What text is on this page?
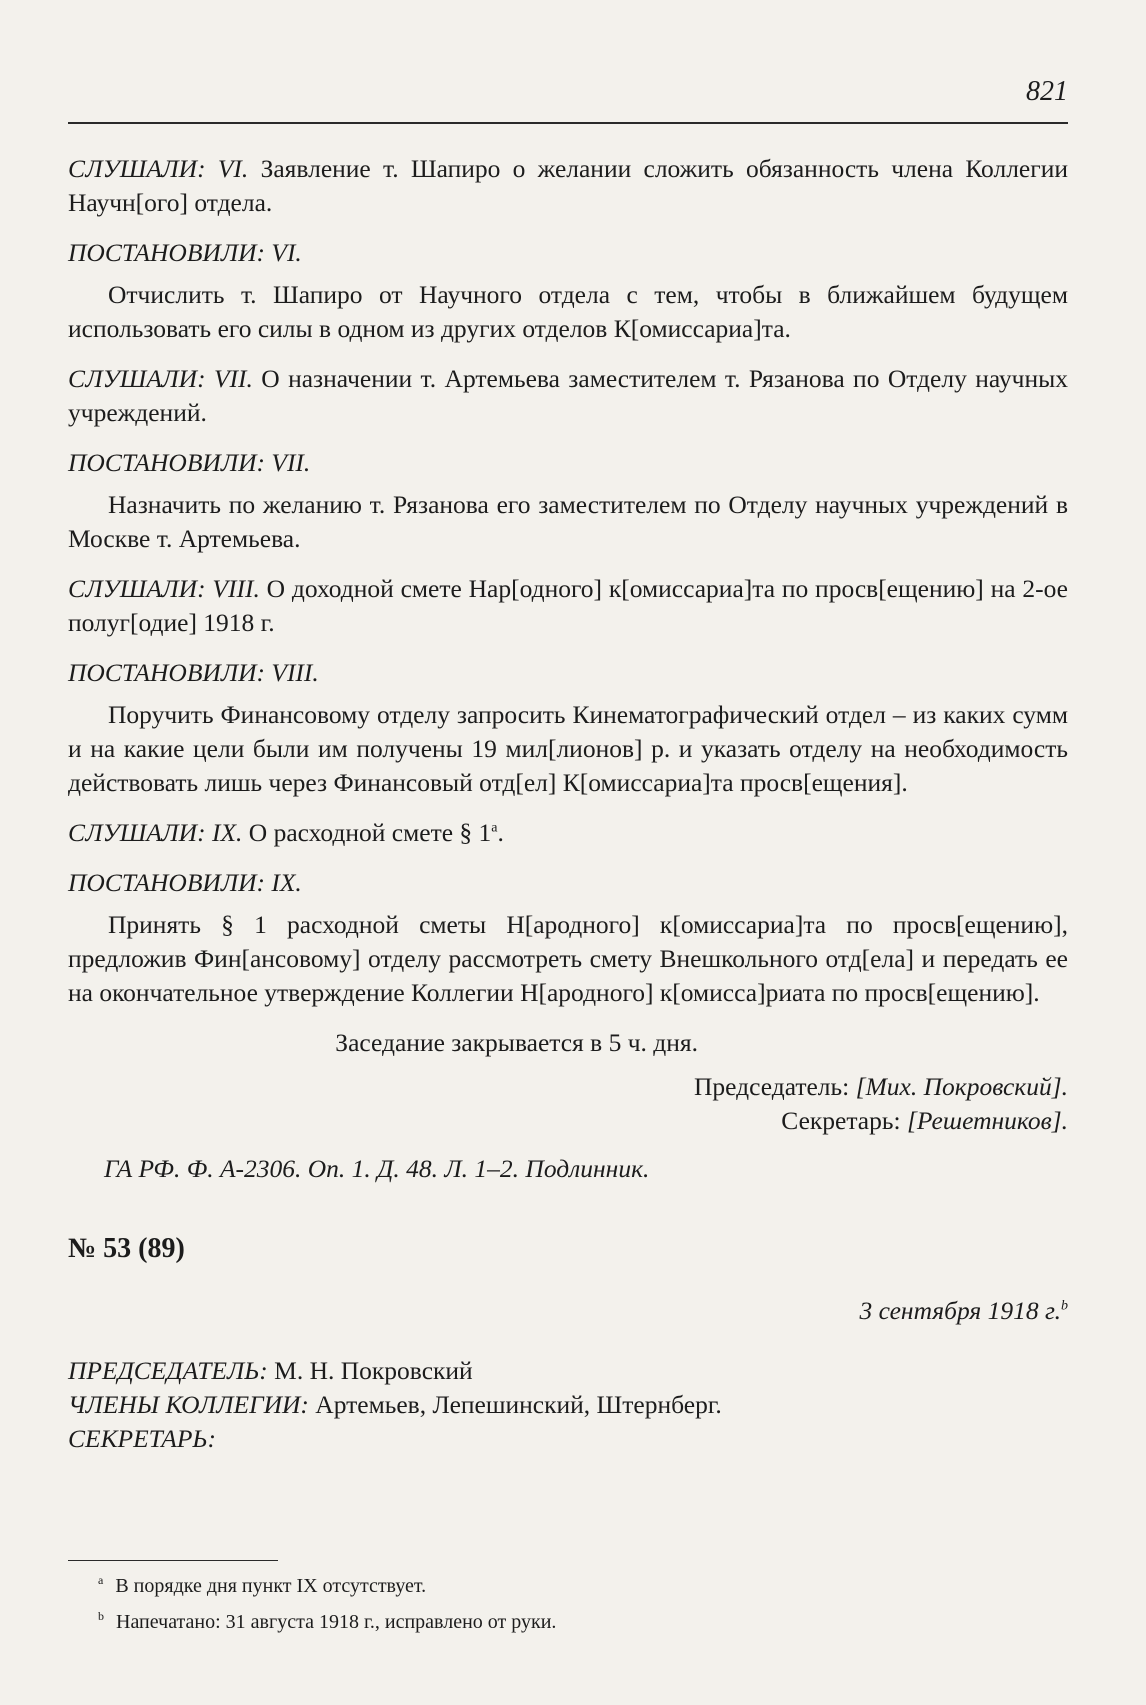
821

СЛУШАЛИ: VI. Заявление т. Шапиро о желании сложить обязанность члена Коллегии Научн[ого] отдела.

ПОСТАНОВИЛИ: VI.

Отчислить т. Шапиро от Научного отдела с тем, чтобы в ближайшем будущем использовать его силы в одном из других отделов К[омиссариа]та.

СЛУШАЛИ: VII. О назначении т. Артемьева заместителем т. Рязанова по Отделу научных учреждений.

ПОСТАНОВИЛИ: VII.

Назначить по желанию т. Рязанова его заместителем по Отделу научных учреждений в Москве т. Артемьева.

СЛУШАЛИ: VIII. О доходной смете Нар[одного] к[омиссариа]та по просв[ещению] на 2-ое полуг[одие] 1918 г.

ПОСТАНОВИЛИ: VIII.

Поручить Финансовому отделу запросить Кинематографический отдел – из каких сумм и на какие цели были им получены 19 мил[лионов] р. и указать отделу на необходимость действовать лишь через Финансовый отд[ел] К[омиссариа]та просв[ещения].

СЛУШАЛИ: IX. О расходной смете § 1$^a$.

ПОСТАНОВИЛИ: IX.

Принять § 1 расходной сметы Н[ародного] к[омиссариа]та по просв[ещению], предложив Фин[ансовому] отделу рассмотреть смету Внешкольного отд[ела] и передать ее на окончательное утверждение Коллегии Н[ародного] к[омисса]риата по просв[ещению].

Заседание закрывается в 5 ч. дня.

Председатель: [Мих. Покровский].

Секретарь: [Решетников].

ГА РФ. Ф. А-2306. Оп. 1. Д. 48. Л. 1–2. Подлинник.

№ 53 (89)

3 сентября 1918 г.$^b$

ПРЕДСЕДАТЕЛЬ: М. Н. Покровский

ЧЛЕНЫ КОЛЛЕГИИ: Артемьев, Лепешинский, Штернберг.

СЕКРЕТАРЬ:

$^a$ В порядке дня пункт IX отсутствует.

$^b$ Напечатано: 31 августа 1918 г., исправлено от руки.
